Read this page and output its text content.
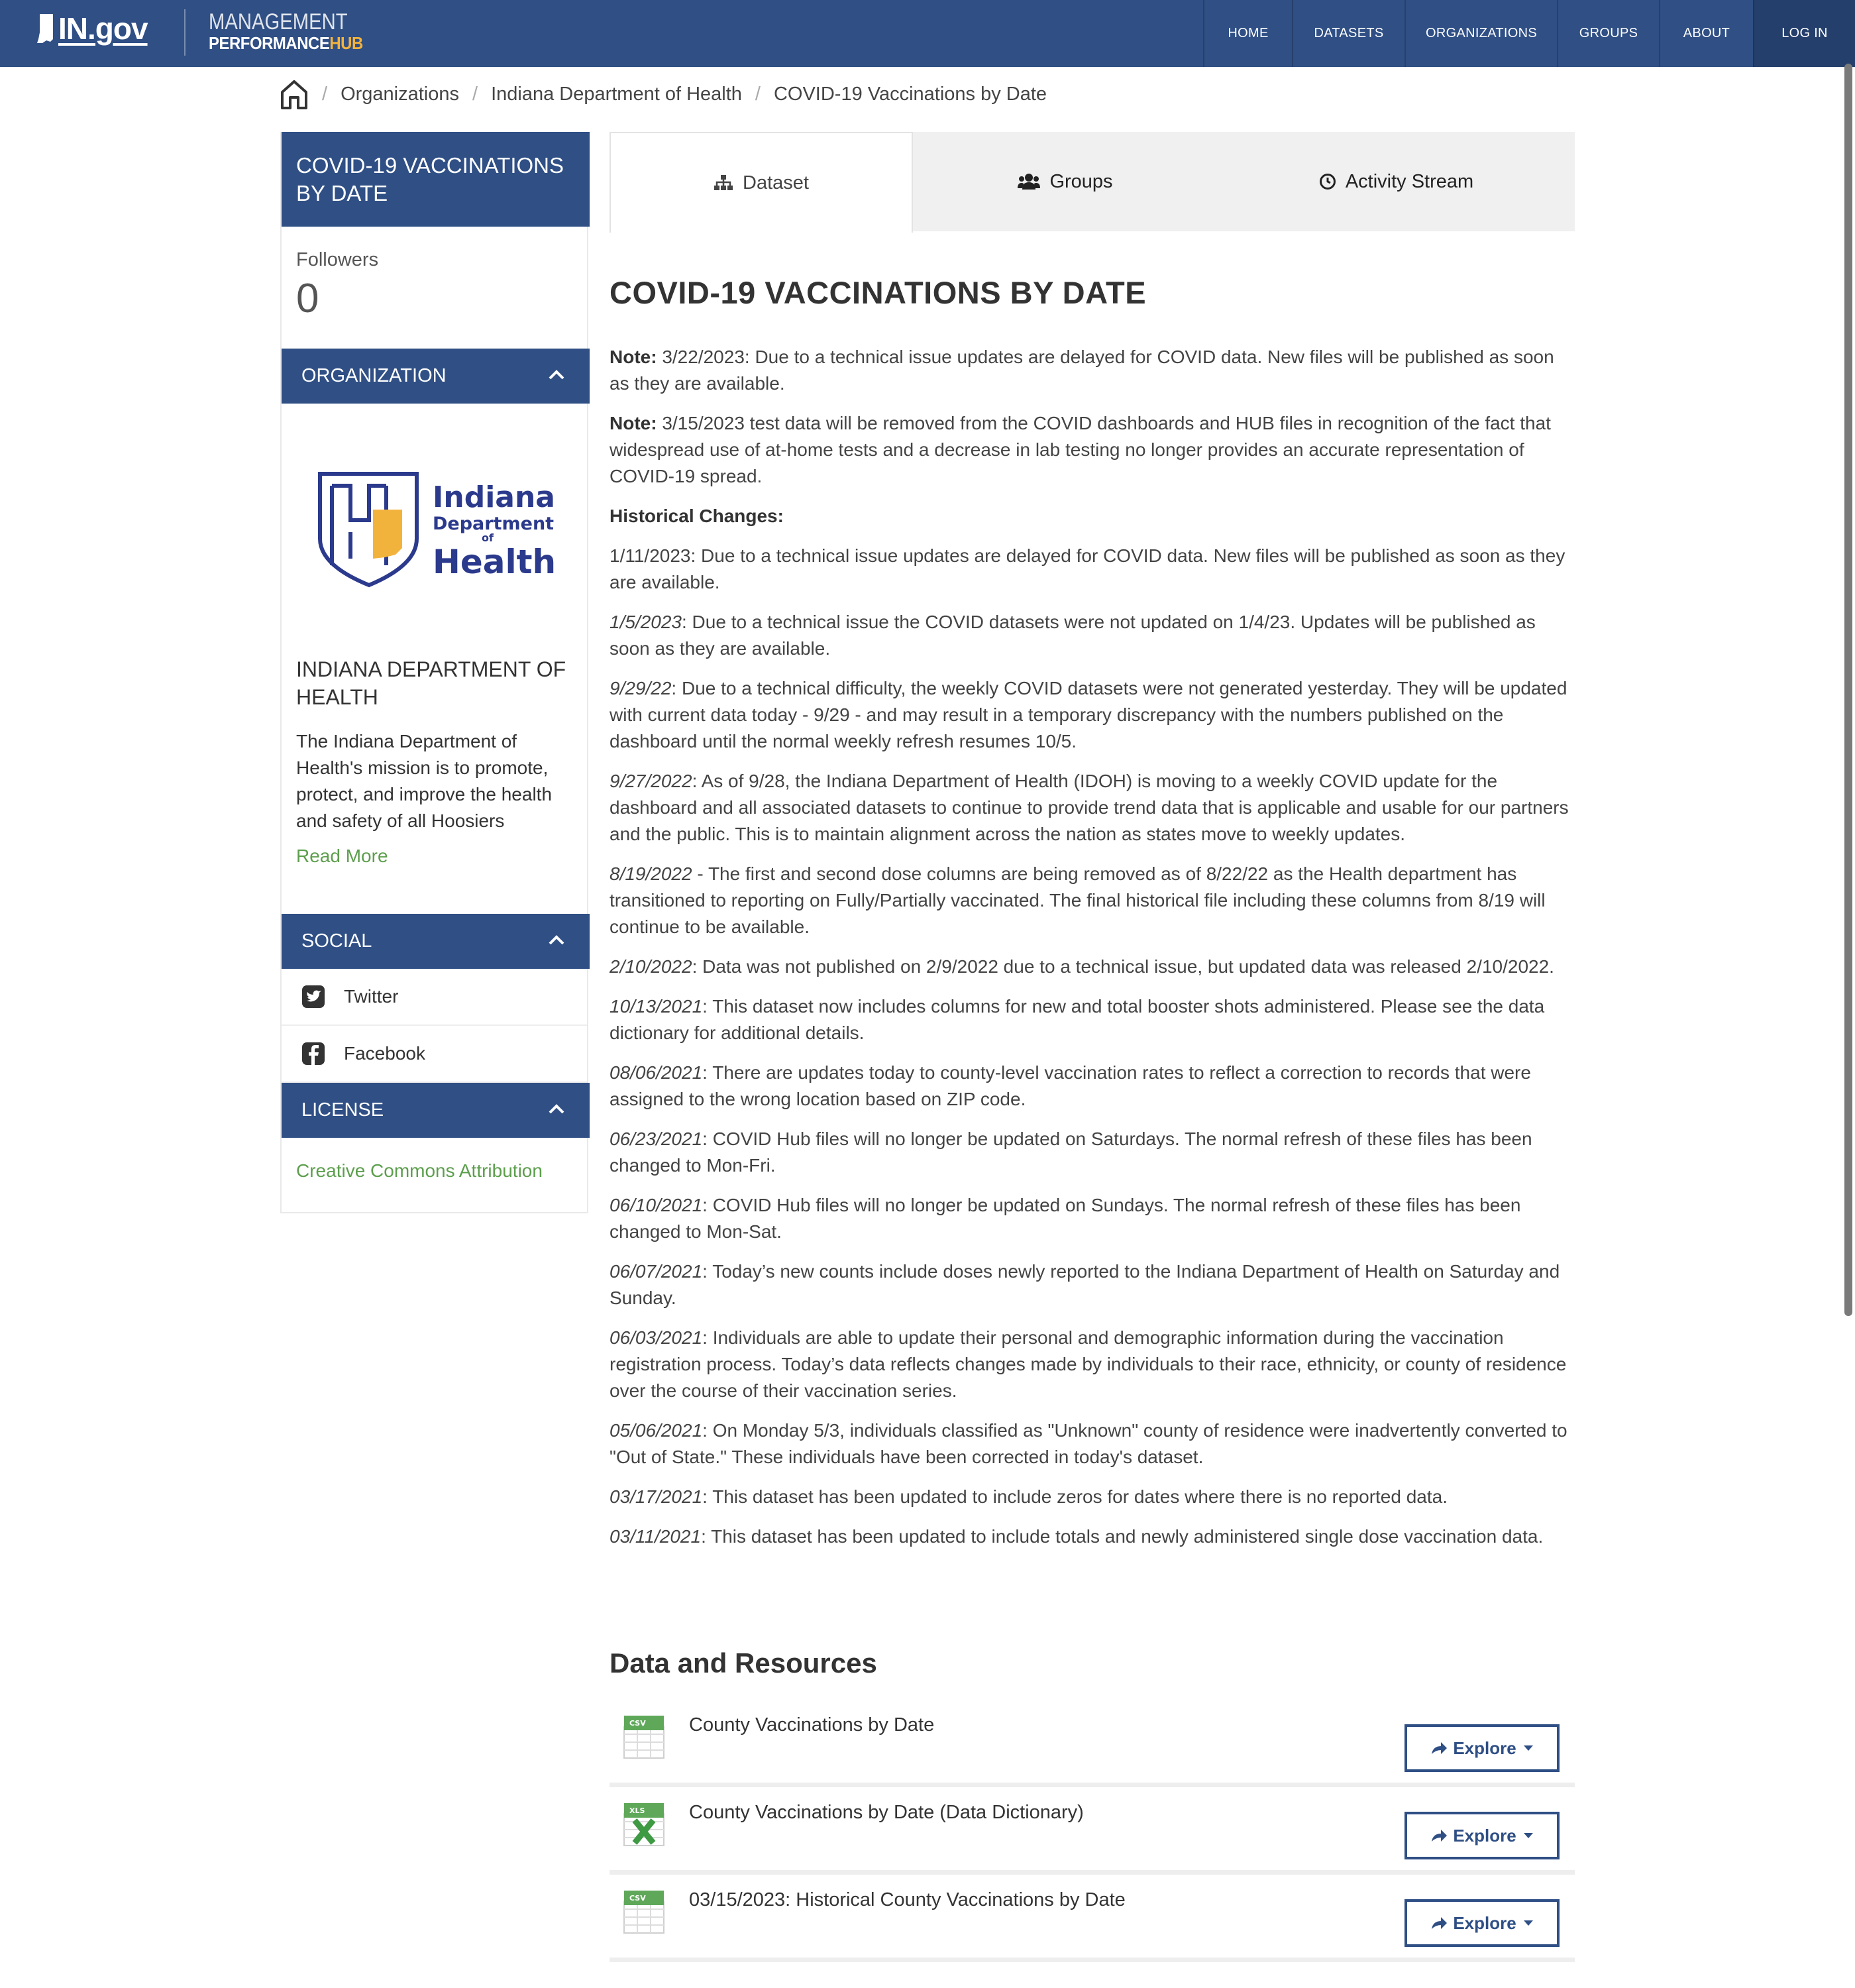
IN.gov	MANAGEMENT
PERFORMANCEHUB	HOME	DATASETS	ORGANIZATIONS	GROUPS	ABOUT	LOG IN
/ Organizations / Indiana Department of Health / COVID-19 Vaccinations by Date
COVID-19 VACCINATIONS BY DATE
Followers
0
ORGANIZATION
Indiana
Department
of
Health
INDIANA DEPARTMENT OF HEALTH
The Indiana Department of Health's mission is to promote, protect, and improve the health and safety of all Hoosiers
Read More
SOCIAL
Twitter
Facebook
LICENSE
Creative Commons Attribution
Dataset	Groups	Activity Stream
COVID-19 VACCINATIONS BY DATE

Note: 3/22/2023: Due to a technical issue updates are delayed for COVID data. New files will be published as soon as they are available.

Note: 3/15/2023 test data will be removed from the COVID dashboards and HUB files in recognition of the fact that widespread use of at-home tests and a decrease in lab testing no longer provides an accurate representation of COVID-19 spread.

Historical Changes:

1/11/2023: Due to a technical issue updates are delayed for COVID data. New files will be published as soon as they are available.

1/5/2023: Due to a technical issue the COVID datasets were not updated on 1/4/23. Updates will be published as soon as they are available.

9/29/22: Due to a technical difficulty, the weekly COVID datasets were not generated yesterday. They will be updated with current data today - 9/29 - and may result in a temporary discrepancy with the numbers published on the dashboard until the normal weekly refresh resumes 10/5.

9/27/2022: As of 9/28, the Indiana Department of Health (IDOH) is moving to a weekly COVID update for the dashboard and all associated datasets to continue to provide trend data that is applicable and usable for our partners and the public. This is to maintain alignment across the nation as states move to weekly updates.

8/19/2022 - The first and second dose columns are being removed as of 8/22/22 as the Health department has transitioned to reporting on Fully/Partially vaccinated. The final historical file including these columns from 8/19 will continue to be available.

2/10/2022: Data was not published on 2/9/2022 due to a technical issue, but updated data was released 2/10/2022.

10/13/2021: This dataset now includes columns for new and total booster shots administered. Please see the data dictionary for additional details.

08/06/2021: There are updates today to county-level vaccination rates to reflect a correction to records that were assigned to the wrong location based on ZIP code.

06/23/2021: COVID Hub files will no longer be updated on Saturdays. The normal refresh of these files has been changed to Mon-Fri.

06/10/2021: COVID Hub files will no longer be updated on Sundays. The normal refresh of these files has been changed to Mon-Sat.

06/07/2021: Today’s new counts include doses newly reported to the Indiana Department of Health on Saturday and Sunday.

06/03/2021: Individuals are able to update their personal and demographic information during the vaccination registration process. Today’s data reflects changes made by individuals to their race, ethnicity, or county of residence over the course of their vaccination series.

05/06/2021: On Monday 5/3, individuals classified as "Unknown" county of residence were inadvertently converted to "Out of State." These individuals have been corrected in today's dataset.

03/17/2021: This dataset has been updated to include zeros for dates where there is no reported data.

03/11/2021: This dataset has been updated to include totals and newly administered single dose vaccination data.

Data and Resources
CSV County Vaccinations by Date
Explore
XLS County Vaccinations by Date (Data Dictionary)
Explore
CSV 03/15/2023: Historical County Vaccinations by Date
Explore
